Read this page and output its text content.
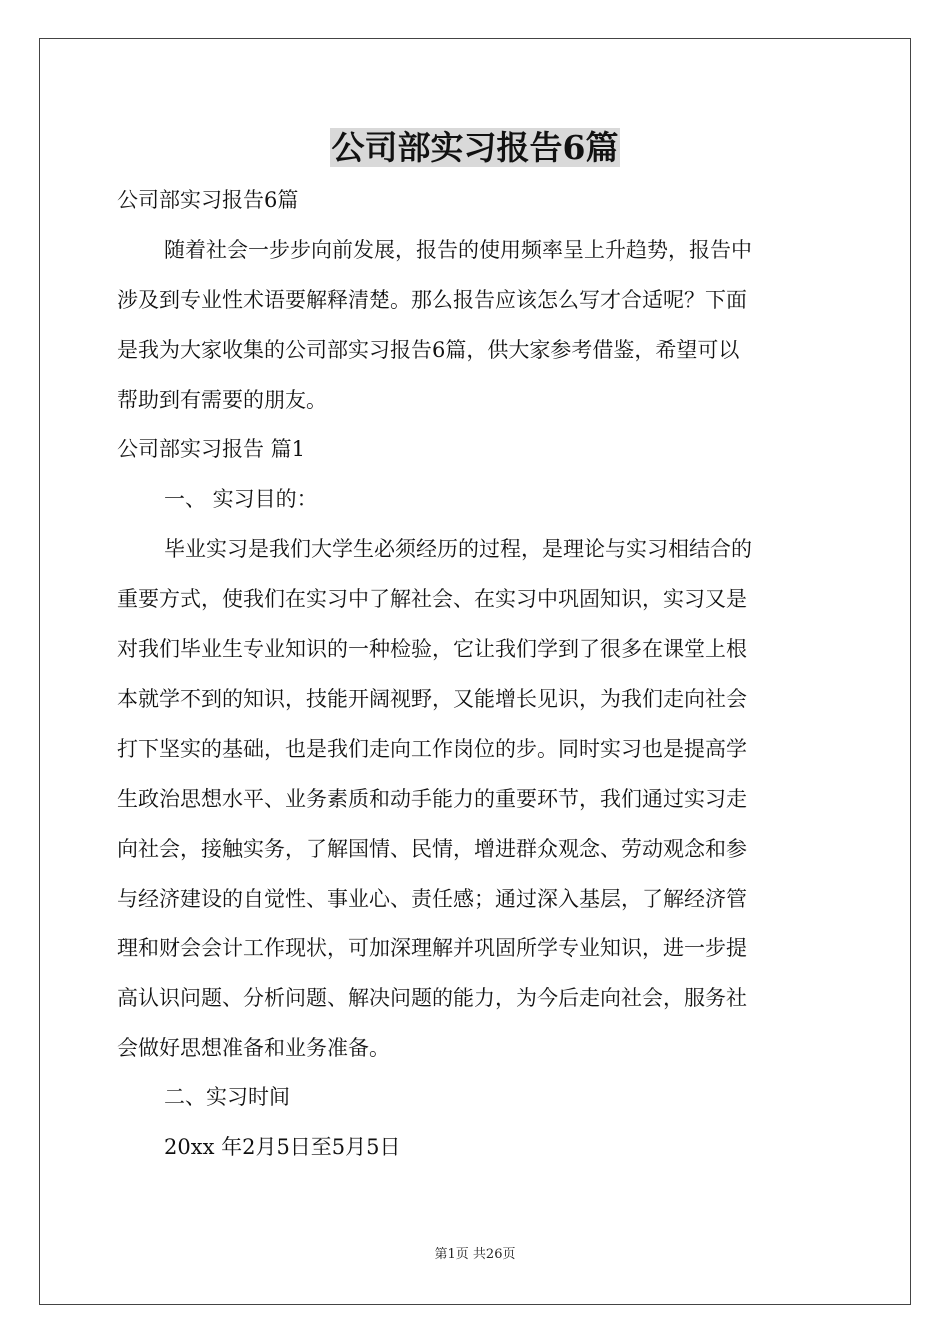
公司部实习报告6篇
公司部实习报告6篇
随着社会一步步向前发展，报告的使用频率呈上升趋势，报告中
涉及到专业性术语要解释清楚。那么报告应该怎么写才合适呢？下面
是我为大家收集的公司部实习报告6篇，供大家参考借鉴，希望可以
帮助到有需要的朋友。
公司部实习报告 篇1
一、 实习目的：
毕业实习是我们大学生必须经历的过程，是理论与实习相结合的
重要方式，使我们在实习中了解社会、在实习中巩固知识，实习又是
对我们毕业生专业知识的一种检验，它让我们学到了很多在课堂上根
本就学不到的知识，技能开阔视野，又能增长见识，为我们走向社会
打下坚实的基础，也是我们走向工作岗位的步。同时实习也是提高学
生政治思想水平、业务素质和动手能力的重要环节，我们通过实习走
向社会，接触实务，了解国情、民情，增进群众观念、劳动观念和参
与经济建设的自觉性、事业心、责任感；通过深入基层，了解经济管
理和财会会计工作现状，可加深理解并巩固所学专业知识，进一步提
高认识问题、分析问题、解决问题的能力，为今后走向社会，服务社
会做好思想准备和业务准备。
二、实习时间
20xx 年2月5日至5月5日
第1页 共26页
